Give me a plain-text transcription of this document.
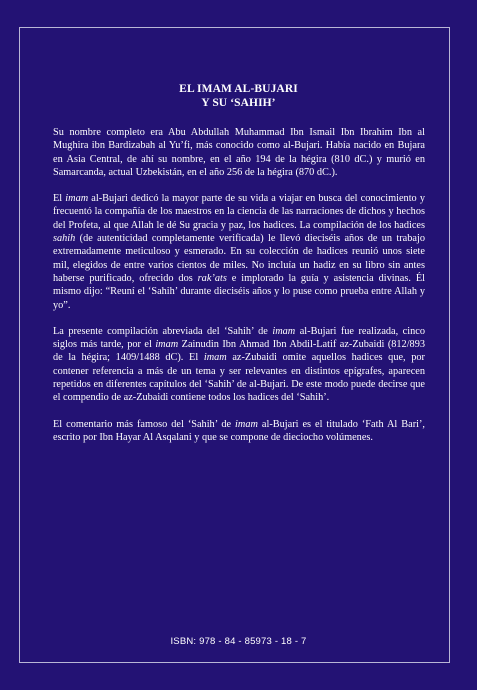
EL IMAM AL-BUJARI
Y SU ‘SAHIH’

Su nombre completo era Abu Abdullah Muhammad Ibn Ismail Ibn Ibrahim Ibn al Mughira ibn Bardizabah al Yu’fi, más conocido como al-Bujari. Había nacido en Bujara en Asia Central, de ahí su nombre, en el año 194 de la hégira (810 dC.) y murió en Samarcanda, actual Uzbekistán, en el año 256 de la hégira (870 dC.).

El imam al-Bujari dedicó la mayor parte de su vida a viajar en busca del conocimiento y frecuentó la compañía de los maestros en la ciencia de las narraciones de dichos y hechos del Profeta, al que Allah le dé Su gracia y paz, los hadices. La compilación de los hadices sahih (de autenticidad completamente verificada) le llevó dieciséis años de un trabajo extremadamente meticuloso y esmerado. En su colección de hadices reunió unos siete mil, elegidos de entre varios cientos de miles. No incluía un hadiz en su libro sin antes haberse purificado, ofrecido dos rak’ats e implorado la guía y asistencia divinas. Él mismo dijo: “Reuní el ‘Sahih’ durante dieciséis años y lo puse como prueba entre Allah y yo”.

La presente compilación abreviada del ‘Sahih’ de imam al-Bujari fue realizada, cinco siglos más tarde, por el imam Zainudin Ibn Ahmad Ibn Abdil-Latif az-Zubaidi (812/893 de la hégira; 1409/1488 dC). El imam az-Zubaidi omite aquellos hadices que, por contener referencia a más de un tema y ser relevantes en distintos epígrafes, aparecen repetidos en diferentes capítulos del ‘Sahih’ de al-Bujari. De este modo puede decirse que el compendio de az-Zubaidi contiene todos los hadices del ‘Sahih’.

El comentario más famoso del ‘Sahih’ de imam al-Bujari es el titulado ‘Fath Al Bari’, escrito por Ibn Hayar Al Asqalani y que se compone de dieciocho volúmenes.

ISBN: 978 - 84 - 85973 - 18 - 7
